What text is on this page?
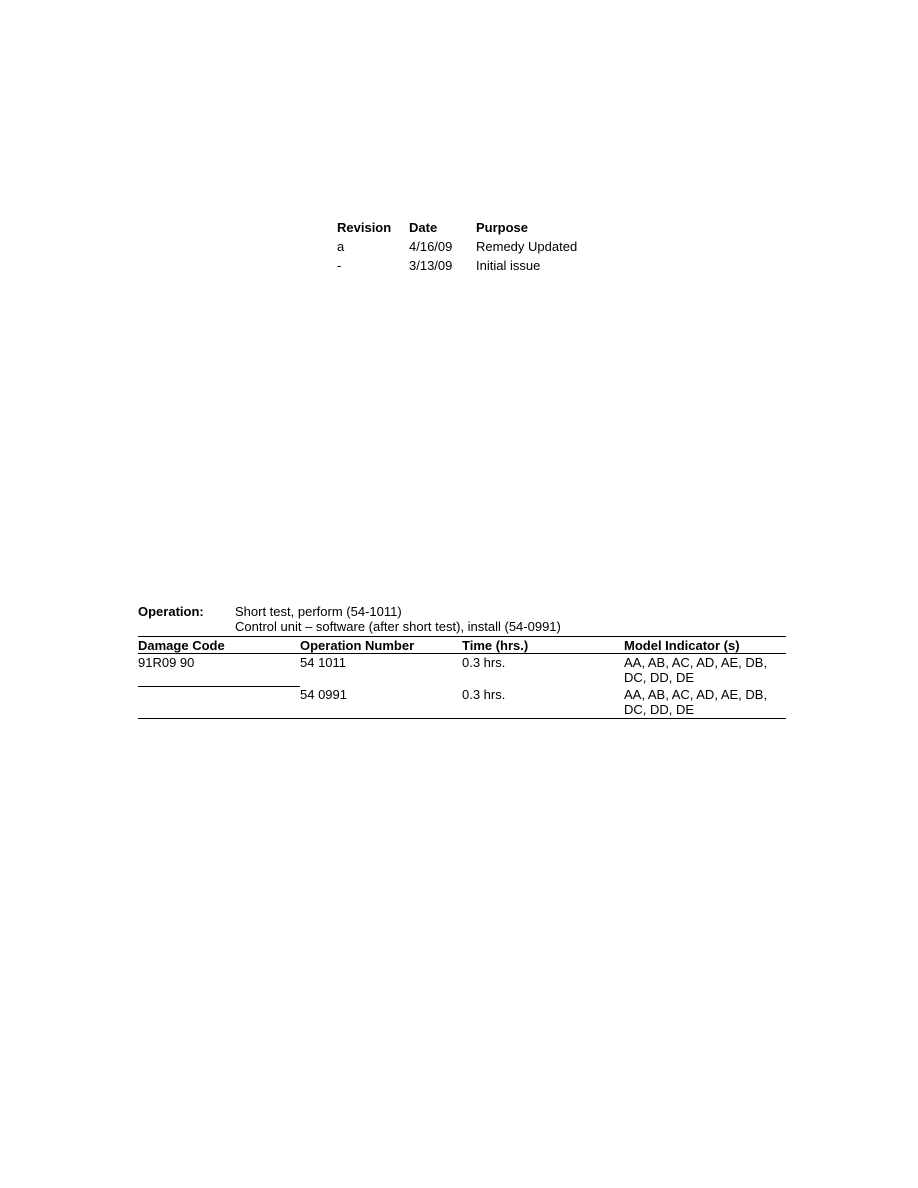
Revision	Date	Purpose
a	4/16/09	Remedy Updated
-	3/13/09	Initial issue
Operation:	Short test, perform (54-1011)
Control unit – software (after short test), install (54-0991)
Damage Code	Operation Number	Time (hrs.)	Model Indicator (s)
91R09 90	54 1011	0.3 hrs.	AA, AB, AC, AD, AE, DB,
DC, DD, DE

	54 0991	0.3 hrs.	AA, AB, AC, AD, AE, DB,
DC, DD, DE
